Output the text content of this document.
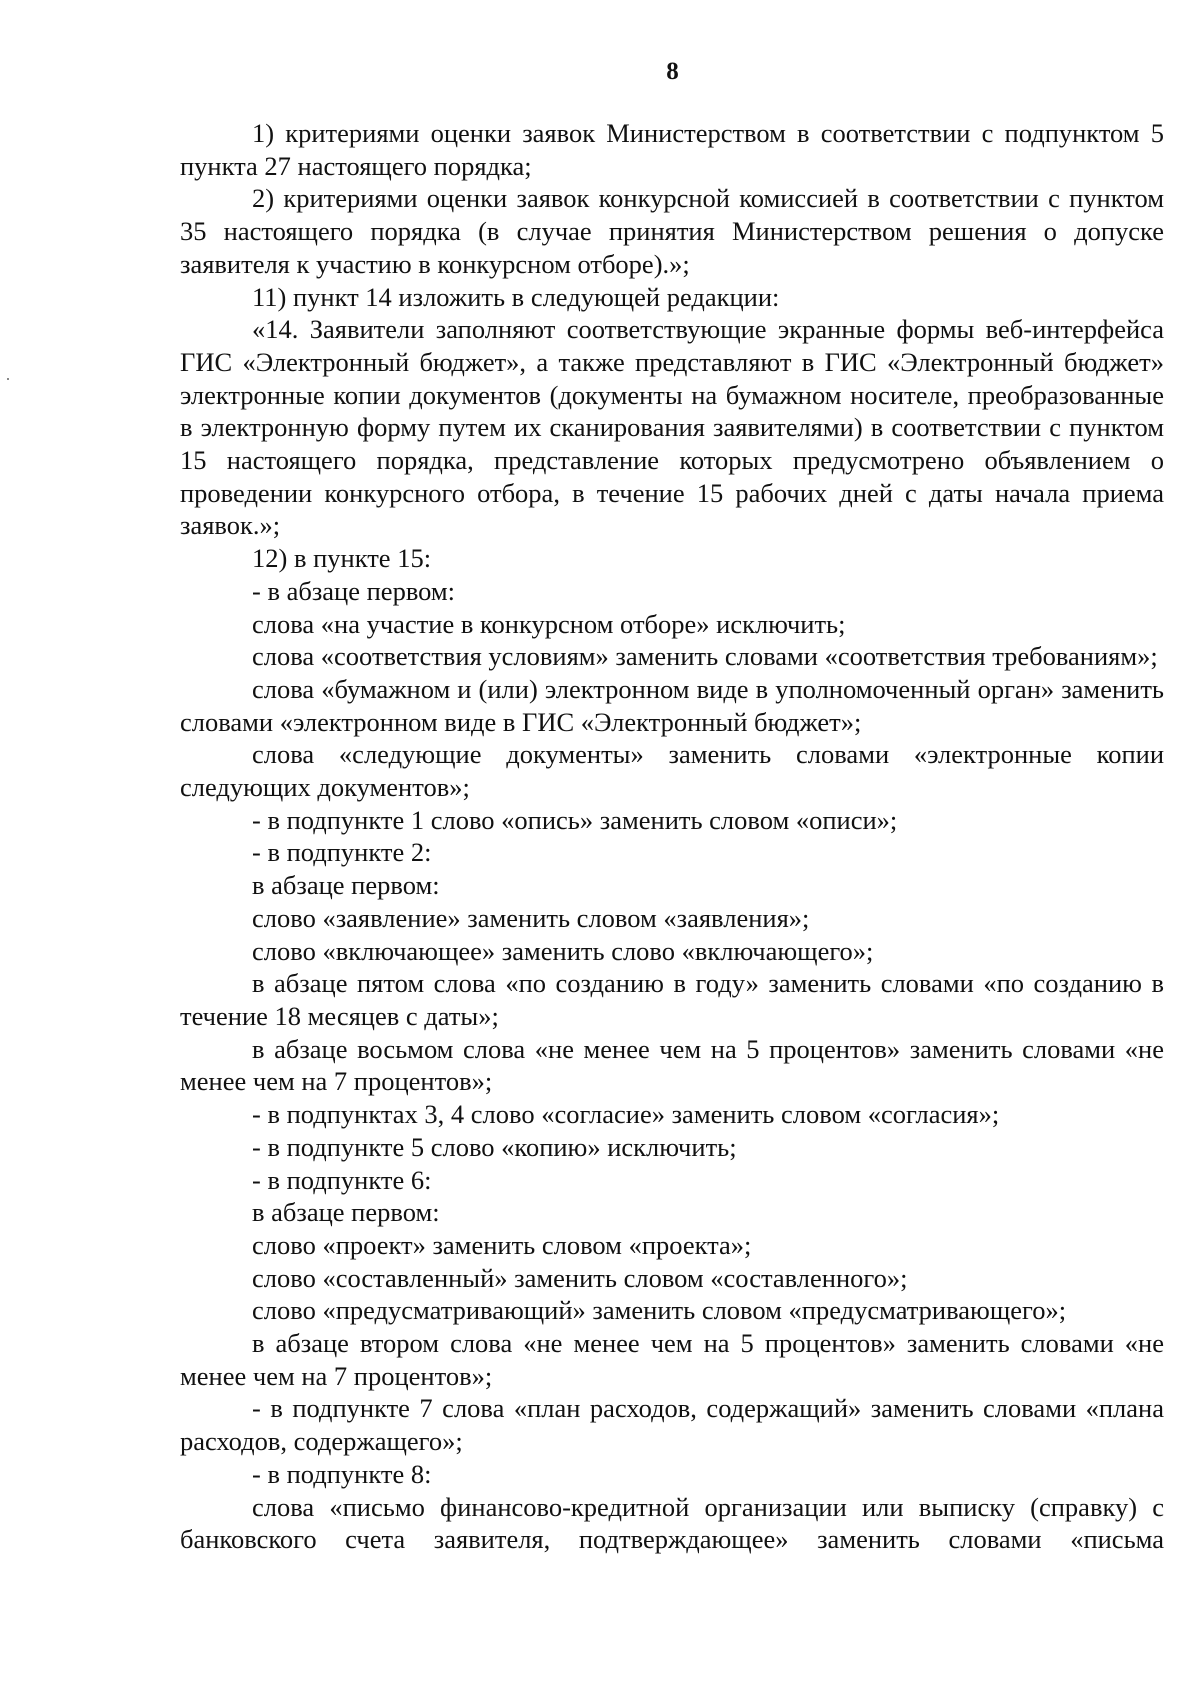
8

1) критериями оценки заявок Министерством в соответствии с подпунктом 5 пункта 27 настоящего порядка;

2) критериями оценки заявок конкурсной комиссией в соответствии с пунктом 35 настоящего порядка (в случае принятия Министерством решения о допуске заявителя к участию в конкурсном отборе).»;

11) пункт 14 изложить в следующей редакции:

«14. Заявители заполняют соответствующие экранные формы веб-интерфейса ГИС «Электронный бюджет», а также представляют в ГИС «Электронный бюджет» электронные копии документов (документы на бумажном носителе, преобразованные в электронную форму путем их сканирования заявителями) в соответствии с пунктом 15 настоящего порядка, представление которых предусмотрено объявлением о проведении конкурсного отбора, в течение 15 рабочих дней с даты начала приема заявок.»;

12) в пункте 15:

- в абзаце первом:

слова «на участие в конкурсном отборе» исключить;

слова «соответствия условиям» заменить словами «соответствия требованиям»;

слова «бумажном и (или) электронном виде в уполномоченный орган» заменить словами «электронном виде в ГИС «Электронный бюджет»;

слова «следующие документы» заменить словами «электронные копии следующих документов»;

- в подпункте 1 слово «опись» заменить словом «описи»;

- в подпункте 2:

в абзаце первом:

слово «заявление» заменить словом «заявления»;

слово «включающее» заменить слово «включающего»;

в абзаце пятом слова «по созданию в году» заменить словами «по созданию в течение 18 месяцев с даты»;

в абзаце восьмом слова «не менее чем на 5 процентов» заменить словами «не менее чем на 7 процентов»;

- в подпунктах 3, 4 слово «согласие» заменить словом «согласия»;

- в подпункте 5 слово «копию» исключить;

- в подпункте 6:

в абзаце первом:

слово «проект» заменить словом «проекта»;

слово «составленный» заменить словом «составленного»;

слово «предусматривающий» заменить словом «предусматривающего»;

в абзаце втором слова «не менее чем на 5 процентов» заменить словами «не менее чем на 7 процентов»;

- в подпункте 7 слова «план расходов, содержащий» заменить словами «плана расходов, содержащего»;

- в подпункте 8:

слова «письмо финансово-кредитной организации или выписку (справку) с банковского счета заявителя, подтверждающее» заменить словами «письма
